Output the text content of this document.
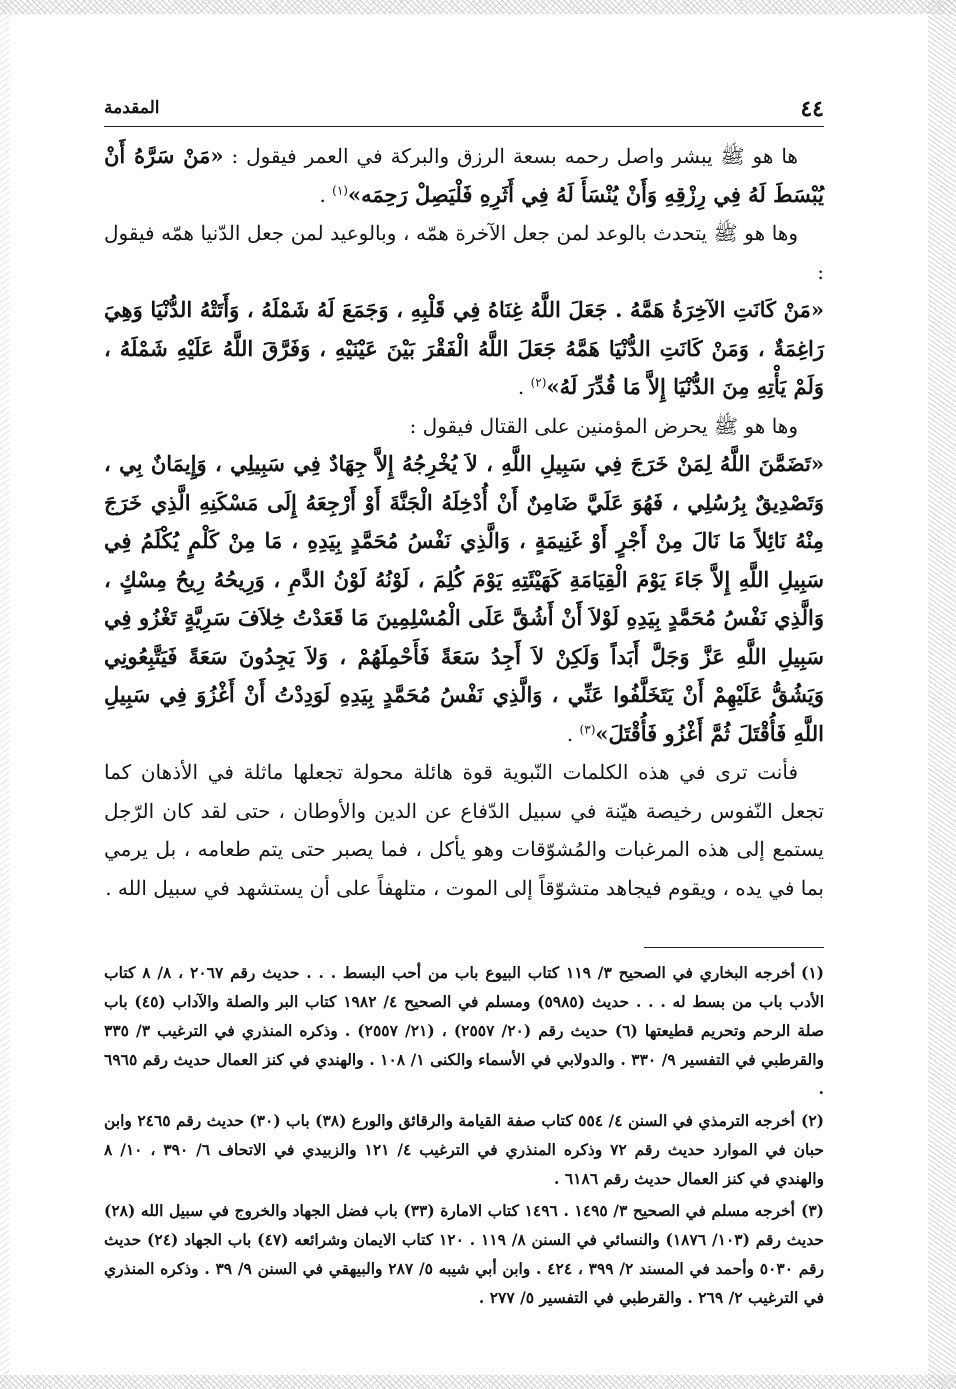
٤٤
المقدمة

ها هو ﷺ يبشر واصل رحمه بسعة الرزق والبركة في العمر فيقول : «مَنْ سَرَّهُ أَنْ يُبْسَطَ لَهُ فِي رِزْقِهِ وَأَنْ يُنْسَأَ لَهُ فِي أَثَرِهِ فَلْيَصِلْ رَحِمَه»$^{(١)}$ .

وها هو ﷺ يتحدث بالوعد لمن جعل الآخرة همّه ، وبالوعيد لمن جعل الدّنيا همّه فيقول :

«مَنْ كَانَتِ الآخِرَةُ هَمَّهُ . جَعَلَ اللَّهُ غِنَاهُ فِي قَلْبِهِ ، وَجَمَعَ لَهُ شَمْلَهُ ، وَأَتَتْهُ الدُّنْيَا وَهِيَ رَاغِمَةٌ ، وَمَنْ كَانَتِ الدُّنْيَا هَمَّهُ جَعَلَ اللَّهُ الْفَقْرَ بَيْنَ عَيْنَيْهِ ، وَفَرَّقَ اللَّهُ عَلَيْهِ شَمْلَهُ ، وَلَمْ يَأْتِهِ مِنَ الدُّنْيَا إِلاَّ مَا قُدِّرَ لَهُ»$^{(٢)}$ .

وها هو ﷺ يحرض المؤمنين على القتال فيقول :

«تَضَمَّنَ اللَّهُ لِمَنْ خَرَجَ فِي سَبِيلِ اللَّهِ ، لاَ يُخْرِجُهُ إِلاَّ جِهَادٌ فِي سَبِيلِي ، وَإِيمَانٌ بِي ، وَتَصْدِيقٌ بِرُسُلِي ، فَهُوَ عَلَيَّ ضَامِنٌ أَنْ أُدْخِلَهُ الْجَنَّةَ أَوْ أَرْجِعَهُ إِلَى مَسْكَنِهِ الَّذِي خَرَجَ مِنْهُ نَائِلاً مَا نَالَ مِنْ أَجْرٍ أَوْ غَنِيمَةٍ ، وَالَّذِي نَفْسُ مُحَمَّدٍ بِيَدِهِ ، مَا مِنْ كَلْمٍ يُكْلَمُ فِي سَبِيلِ اللَّهِ إِلاَّ جَاءَ يَوْمَ الْقِيَامَةِ كَهَيْئَتِهِ يَوْمَ كُلِمَ ، لَوْنُهُ لَوْنُ الدَّمِ ، وَرِيحُهُ رِيحُ مِسْكٍ ، وَالَّذِي نَفْسُ مُحَمَّدٍ بِيَدِهِ لَوْلاَ أَنْ أَشُقَّ عَلَى الْمُسْلِمِينَ مَا قَعَدْتُ خِلاَفَ سَرِيَّةٍ تَغْزُو فِي سَبِيلِ اللَّهِ عَزَّ وَجَلَّ أَبَداً وَلَكِنْ لاَ أَجِدُ سَعَةً فَأَحْمِلَهُمْ ، وَلاَ يَجِدُونَ سَعَةً فَيَتَّبِعُونِي وَيَشُقُّ عَلَيْهِمْ أَنْ يَتَخَلَّفُوا عَنِّي ، وَالَّذِي نَفْسُ مُحَمَّدٍ بِيَدِهِ لَوَدِدْتُ أَنْ أَغْزُوَ فِي سَبِيلِ اللَّهِ فَأُقْتَلَ ثُمَّ أَغْزُو فَأُقْتَلَ»$^{(٣)}$ .

فأنت ترى في هذه الكلمات النّبوية قوة هائلة محولة تجعلها ماثلة في الأذهان كما تجعل النّفوس رخيصة هيّنة في سبيل الدّفاع عن الدين والأوطان ، حتى لقد كان الرّجل يستمع إلى هذه المرغبات والمُشوّقات وهو يأكل ، فما يصبر حتى يتم طعامه ، بل يرمي بما في يده ، ويقوم فيجاهد متشوّقاً إلى الموت ، متلهفاً على أن يستشهد في سبيل الله .

(١)أخرجه البخاري في الصحيح ٣/ ١١٩ كتاب البيوع باب من أحب البسط . . . حديث رقم ٢٠٦٧ ، ٨/ ٨ كتاب الأدب باب من بسط له . . . حديث (٥٩٨٥) ومسلم في الصحيح ٤/ ١٩٨٢ كتاب البر والصلة والآداب (٤٥) باب صلة الرحم وتحريم قطيعتها (٦) حديث رقم (٢٠/ ٢٥٥٧) ، (٢١/ ٢٥٥٧) . وذكره المنذري في الترغيب ٣/ ٣٣٥ والقرطبي في التفسير ٩/ ٣٣٠ . والدولابي في الأسماء والكنى ١/ ١٠٨ . والهندي في كنز العمال حديث رقم ٦٩٦٥ .

(٢)أخرجه الترمذي في السنن ٤/ ٥٥٤ كتاب صفة القيامة والرقائق والورع (٣٨) باب (٣٠) حديث رقم ٢٤٦٥ وابن حبان في الموارد حديث رقم ٧٢ وذكره المنذري في الترغيب ٤/ ١٢١ والزبيدي في الاتحاف ٦/ ٣٩٠ ، ١٠/ ٨ والهندي في كنز العمال حديث رقم ٦١٨٦ .

(٣)أخرجه مسلم في الصحيح ٣/ ١٤٩٥ . ١٤٩٦ كتاب الامارة (٣٣) باب فضل الجهاد والخروج في سبيل الله (٢٨) حديث رقم (١٠٣/ ١٨٧٦) والنسائي في السنن ٨/ ١١٩ . ١٢٠ كتاب الايمان وشرائعه (٤٧) باب الجهاد (٢٤) حديث رقم ٥٠٣٠ وأحمد في المسند ٢/ ٣٩٩ ، ٤٢٤ . وابن أبي شيبه ٥/ ٢٨٧ والبيهقي في السنن ٩/ ٣٩ . وذكره المنذري في الترغيب ٢/ ٢٦٩ . والقرطبي في التفسير ٥/ ٢٧٧ .
